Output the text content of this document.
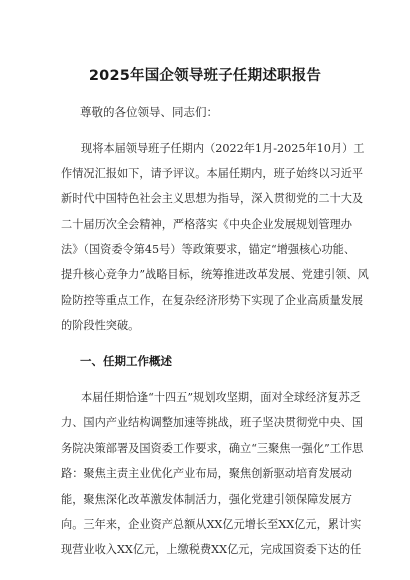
2025年国企领导班子任期述职报告
尊敬的各位领导、同志们：
现将本届领导班子任期内（2022年1月-2025年10月）工
作情况汇报如下，请予评议。本届任期内，班子始终以习近平
新时代中国特色社会主义思想为指导，深入贯彻党的二十大及
二十届历次全会精神，严格落实《中央企业发展规划管理办
法》（国资委令第45号）等政策要求，锚定“增强核心功能、
提升核心竞争力”战略目标，统筹推进改革发展、党建引领、风
险防控等重点工作，在复杂经济形势下实现了企业高质量发展
的阶段性突破。
一、任期工作概述
本届任期恰逢“十四五”规划攻坚期，面对全球经济复苏乏
力、国内产业结构调整加速等挑战，班子坚决贯彻党中央、国
务院决策部署及国资委工作要求，确立“三聚焦一强化”工作思
路：聚焦主责主业优化产业布局，聚焦创新驱动培育发展动
能，聚焦深化改革激发体制活力，强化党建引领保障发展方
向。三年来，企业资产总额从XX亿元增长至XX亿元，累计实
现营业收入XX亿元，上缴税费XX亿元，完成国资委下达的任
